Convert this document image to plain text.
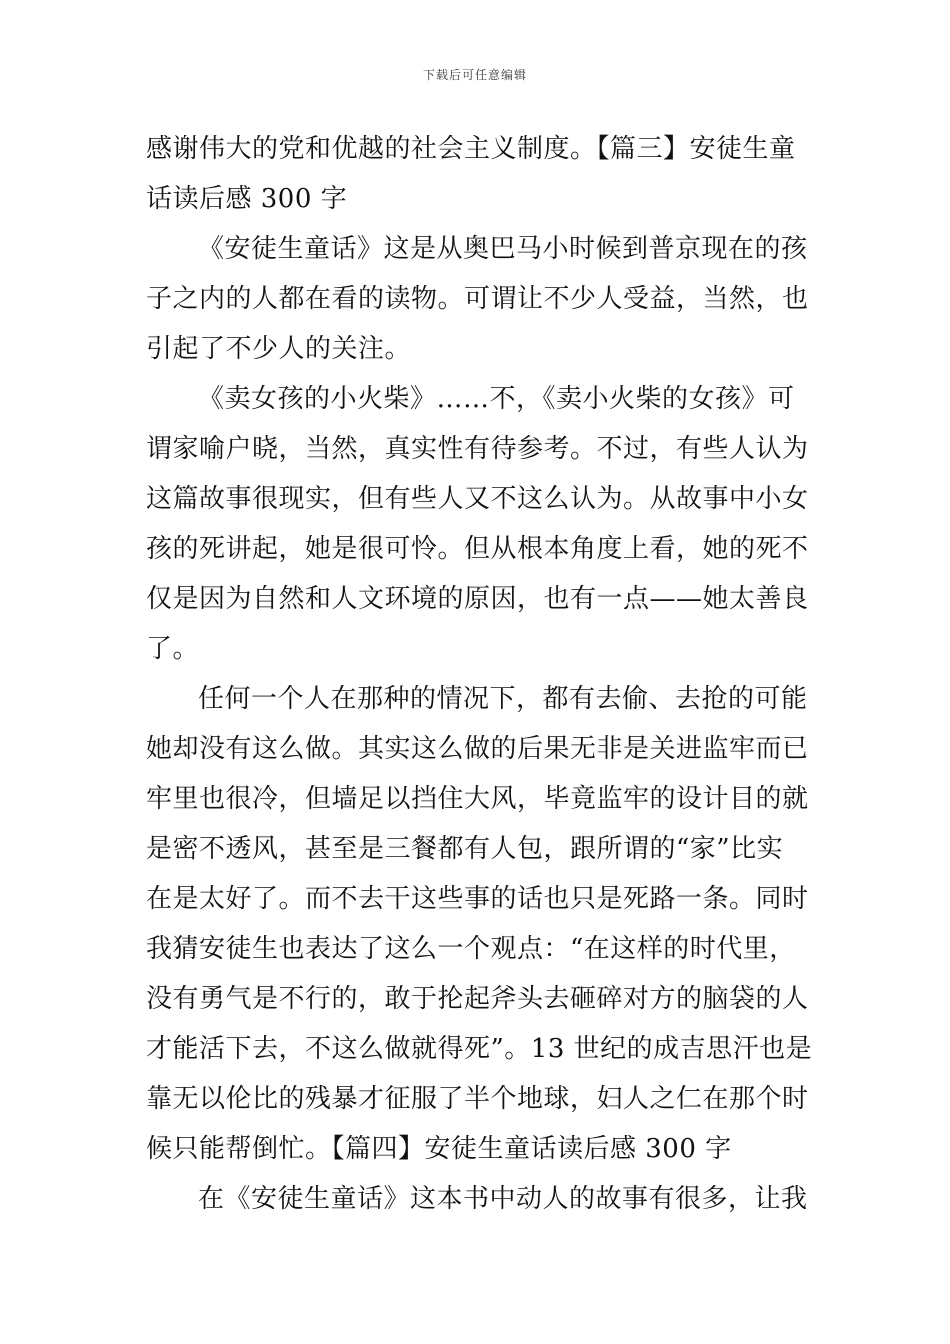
下载后可任意编辑
感谢伟大的党和优越的社会主义制度。【篇三】安徒生童
话读后感 300 字
《安徒生童话》这是从奥巴马小时候到普京现在的孩
子之内的人都在看的读物。可谓让不少人受益，当然，也
引起了不少人的关注。
《卖女孩的小火柴》……不，《卖小火柴的女孩》可
谓家喻户晓，当然，真实性有待参考。不过，有些人认为
这篇故事很现实，但有些人又不这么认为。从故事中小女
孩的死讲起，她是很可怜。但从根本角度上看，她的死不
仅是因为自然和人文环境的原因，也有一点——她太善良
了。
任何一个人在那种的情况下，都有去偷、去抢的可能
她却没有这么做。其实这么做的后果无非是关进监牢而已
牢里也很冷，但墙足以挡住大风，毕竟监牢的设计目的就
是密不透风，甚至是三餐都有人包，跟所谓的“家”比实
在是太好了。而不去干这些事的话也只是死路一条。同时
我猜安徒生也表达了这么一个观点：“在这样的时代里，
没有勇气是不行的，敢于抡起斧头去砸碎对方的脑袋的人
才能活下去，不这么做就得死”。13 世纪的成吉思汗也是
靠无以伦比的残暴才征服了半个地球，妇人之仁在那个时
候只能帮倒忙。【篇四】安徒生童话读后感 300 字
在《安徒生童话》这本书中动人的故事有很多，让我
